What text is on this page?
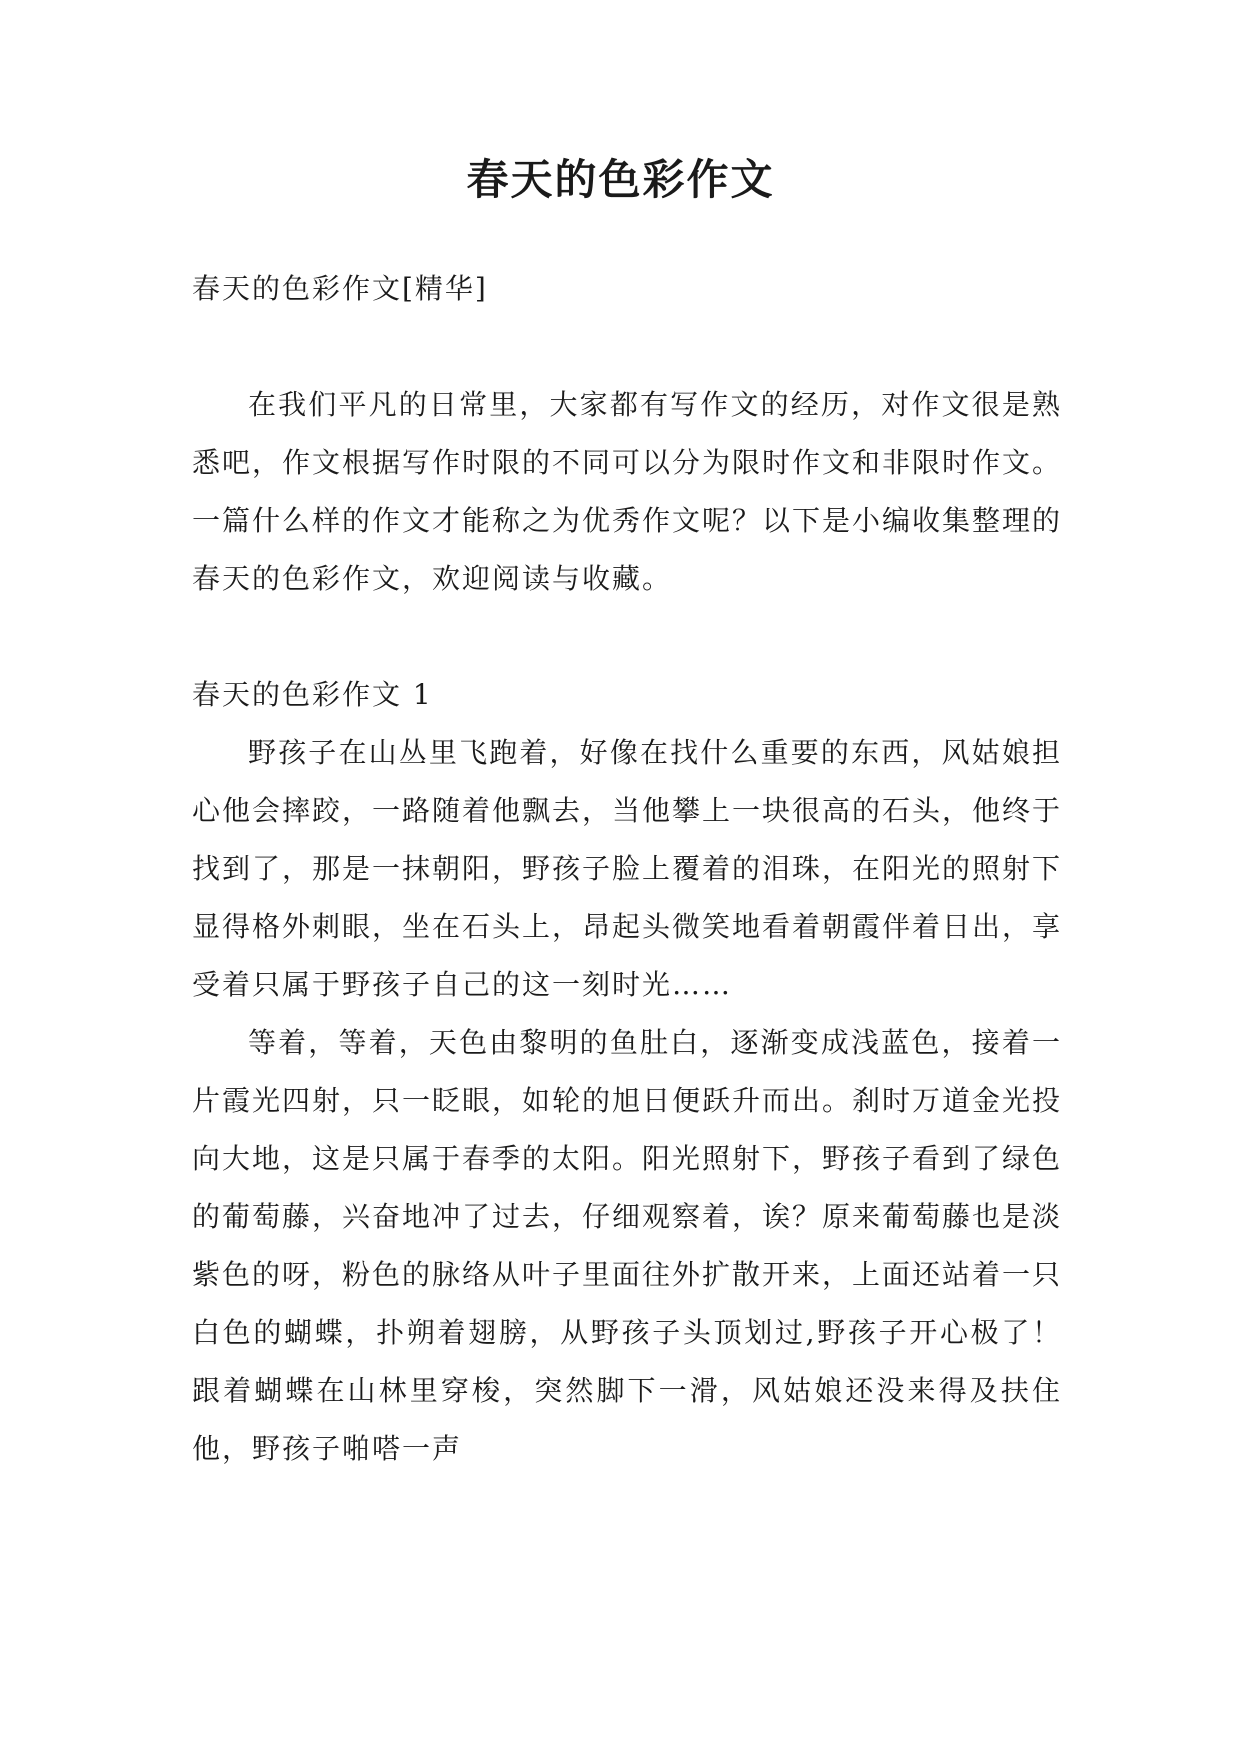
春天的色彩作文

春天的色彩作文[精华]

在我们平凡的日常里，大家都有写作文的经历，对作文很是熟悉吧，作文根据写作时限的不同可以分为限时作文和非限时作文。一篇什么样的作文才能称之为优秀作文呢？以下是小编收集整理的春天的色彩作文，欢迎阅读与收藏。

春天的色彩作文 1

野孩子在山丛里飞跑着，好像在找什么重要的东西，风姑娘担心他会摔跤，一路随着他飘去，当他攀上一块很高的石头，他终于找到了，那是一抹朝阳，野孩子脸上覆着的泪珠，在阳光的照射下显得格外刺眼，坐在石头上，昂起头微笑地看着朝霞伴着日出，享受着只属于野孩子自己的这一刻时光……

等着，等着，天色由黎明的鱼肚白，逐渐变成浅蓝色，接着一片霞光四射，只一眨眼，如轮的旭日便跃升而出。刹时万道金光投向大地，这是只属于春季的太阳。阳光照射下，野孩子看到了绿色的葡萄藤，兴奋地冲了过去，仔细观察着，诶？原来葡萄藤也是淡紫色的呀，粉色的脉络从叶子里面往外扩散开来，上面还站着一只白色的蝴蝶，扑朔着翅膀，从野孩子头顶划过,野孩子开心极了！跟着蝴蝶在山林里穿梭，突然脚下一滑，风姑娘还没来得及扶住他，野孩子啪嗒一声
